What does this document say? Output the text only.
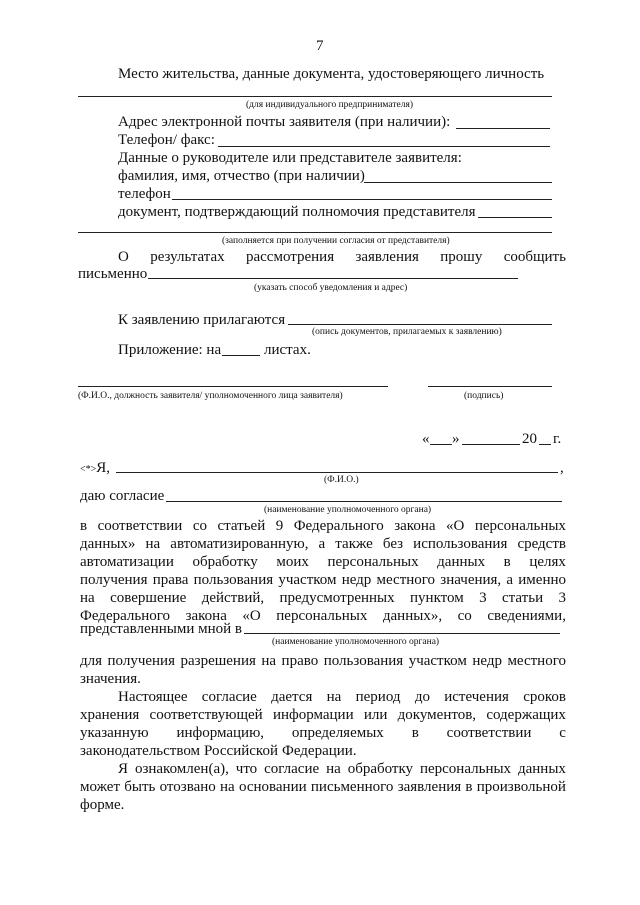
7
Место жительства, данные документа, удостоверяющего личность
(для индивидуального предпринимателя)
Адрес электронной почты заявителя (при наличии):
Телефон/ факс:
Данные о руководителе или представителе заявителя:
фамилия, имя, отчество (при наличии)
телефон
документ, подтверждающий полномочия представителя
(заполняется при получении согласия от представителя)
О результатах рассмотрения заявления прошу сообщить
письменно
(указать способ уведомления и адрес)
К заявлению прилагаются
(опись документов, прилагаемых к заявлению)
Приложение: на	листах.
(Ф.И.О., должность заявителя/ уполномоченного лица заявителя)	(подпись)
« »	20 г.
<*>Я,	,
(Ф.И.О.)
даю согласие
(наименование уполномоченного органа)
в соответствии со статьей 9 Федерального закона «О персональных
данных» на автоматизированную, а также без использования средств
автоматизации обработку моих персональных данных в целях
получения права пользования участком недр местного значения, а именно
на совершение действий, предусмотренных пунктом 3 статьи 3
Федерального закона «О персональных данных», со сведениями,
представленными мной в
(наименование уполномоченного органа)
для получения разрешения на право пользования участком недр местного
значения.
Настоящее согласие дается на период до истечения сроков
хранения соответствующей информации или документов, содержащих
указанную информацию, определяемых в соответствии с
законодательством Российской Федерации.
Я ознакомлен(а), что согласие на обработку персональных данных
может быть отозвано на основании письменного заявления в произвольной
форме.
